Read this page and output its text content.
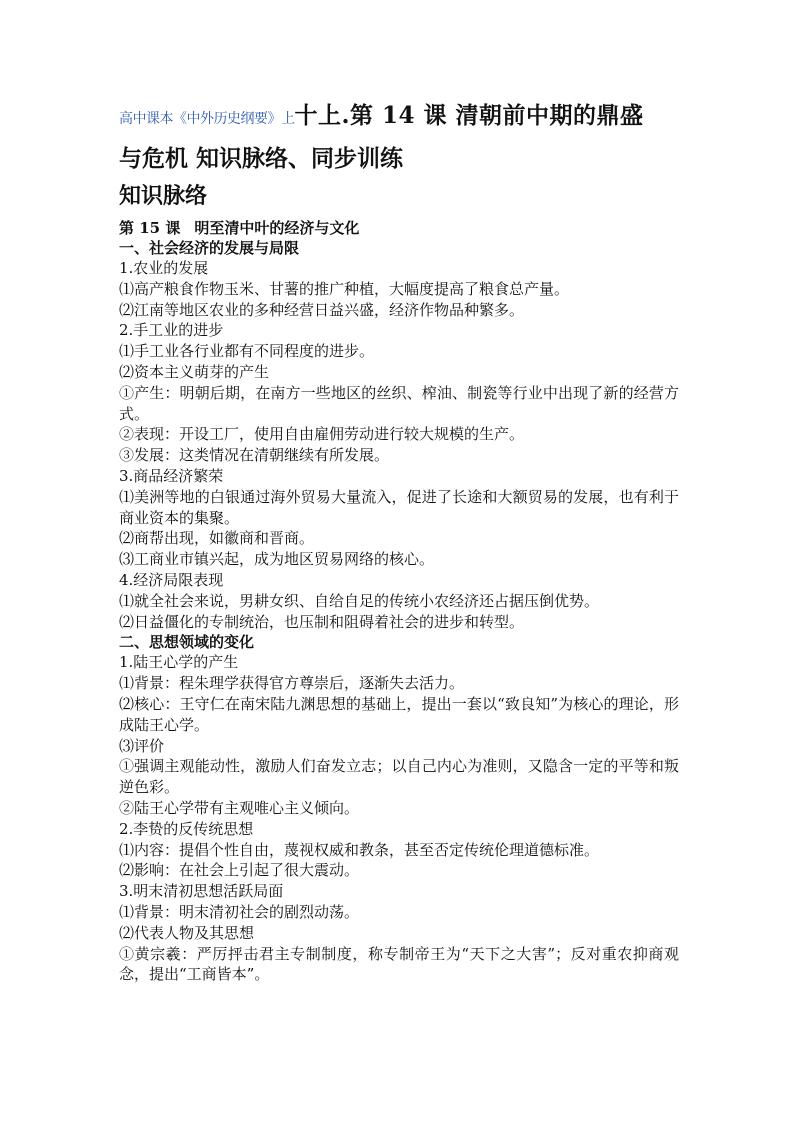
高中课本《中外历史纲要》上十上.第 14 课 清朝前中期的鼎盛
与危机 知识脉络、同步训练
知识脉络
第 15 课 明至清中叶的经济与文化
一、社会经济的发展与局限
1.农业的发展
⑴高产粮食作物玉米、甘薯的推广种植，大幅度提高了粮食总产量。
⑵江南等地区农业的多种经营日益兴盛，经济作物品种繁多。
2.手工业的进步
⑴手工业各行业都有不同程度的进步。
⑵资本主义萌芽的产生
①产生：明朝后期，在南方一些地区的丝织、榨油、制瓷等行业中出现了新的经营方式。
②表现：开设工厂，使用自由雇佣劳动进行较大规模的生产。
③发展：这类情况在清朝继续有所发展。
3.商品经济繁荣
⑴美洲等地的白银通过海外贸易大量流入，促进了长途和大额贸易的发展，也有利于商业资本的集聚。
⑵商帮出现，如徽商和晋商。
⑶工商业市镇兴起，成为地区贸易网络的核心。
4.经济局限表现
⑴就全社会来说，男耕女织、自给自足的传统小农经济还占据压倒优势。
⑵日益僵化的专制统治，也压制和阻碍着社会的进步和转型。
二、思想领域的变化
1.陆王心学的产生
⑴背景：程朱理学获得官方尊崇后，逐渐失去活力。
⑵核心：王守仁在南宋陆九渊思想的基础上，提出一套以“致良知”为核心的理论，形成陆王心学。
⑶评价
①强调主观能动性，激励人们奋发立志；以自己内心为准则，又隐含一定的平等和叛逆色彩。
②陆王心学带有主观唯心主义倾向。
2.李贽的反传统思想
⑴内容：提倡个性自由，蔑视权威和教条，甚至否定传统伦理道德标准。
⑵影响：在社会上引起了很大震动。
3.明末清初思想活跃局面
⑴背景：明末清初社会的剧烈动荡。
⑵代表人物及其思想
①黄宗羲：严厉抨击君主专制制度，称专制帝王为“天下之大害”；反对重农抑商观念，提出“工商皆本”。
